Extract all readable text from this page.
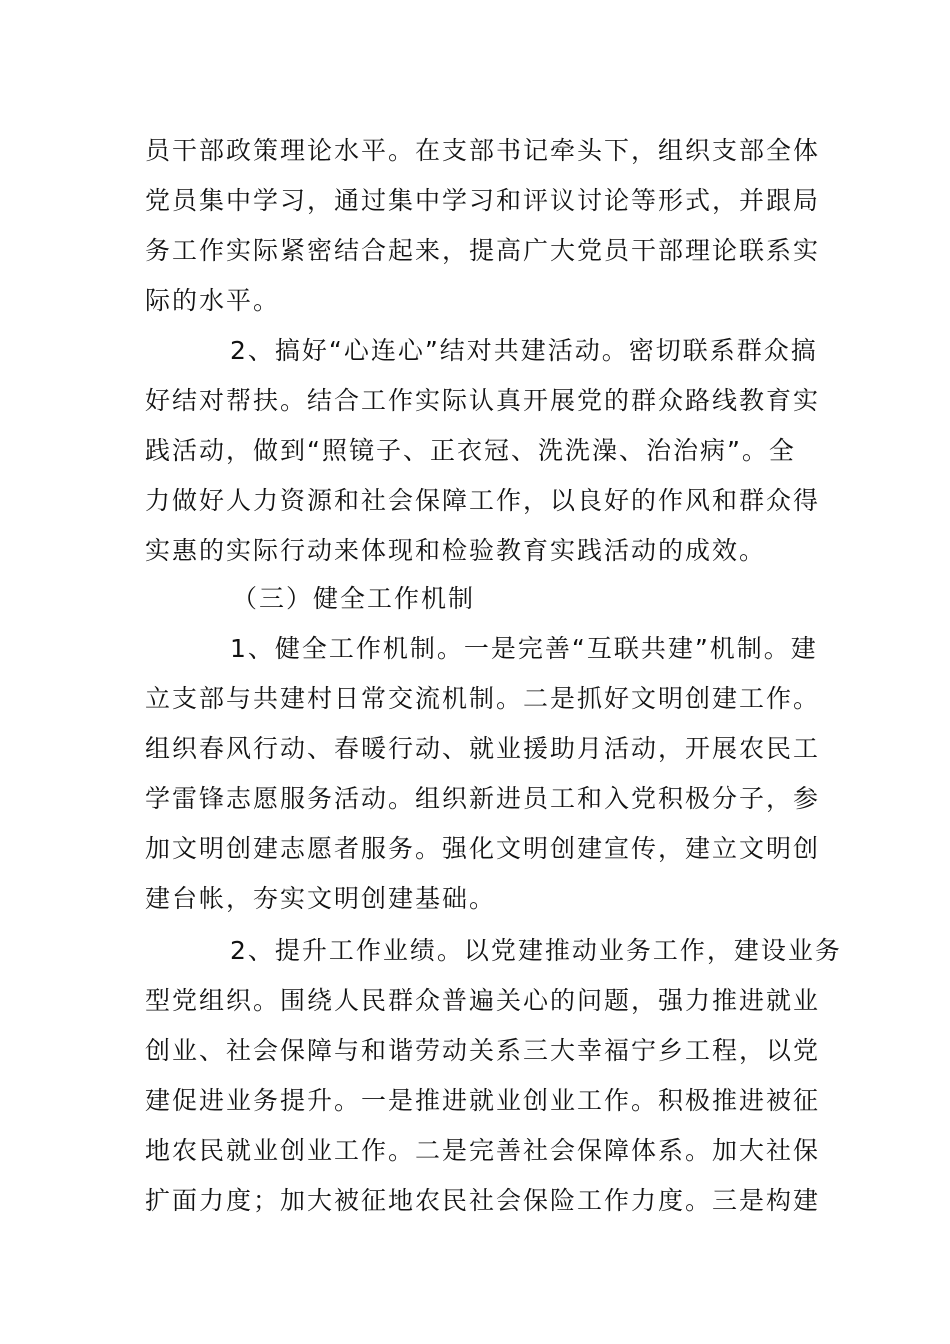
员干部政策理论水平。在支部书记牵头下，组织支部全体
党员集中学习，通过集中学习和评议讨论等形式，并跟局
务工作实际紧密结合起来，提高广大党员干部理论联系实
际的水平。
2、搞好“心连心”结对共建活动。密切联系群众搞
好结对帮扶。结合工作实际认真开展党的群众路线教育实
践活动，做到“照镜子、正衣冠、洗洗澡、治治病”。全
力做好人力资源和社会保障工作，以良好的作风和群众得
实惠的实际行动来体现和检验教育实践活动的成效。
（三）健全工作机制
1、健全工作机制。一是完善“互联共建”机制。建
立支部与共建村日常交流机制。二是抓好文明创建工作。
组织春风行动、春暖行动、就业援助月活动，开展农民工
学雷锋志愿服务活动。组织新进员工和入党积极分子，参
加文明创建志愿者服务。强化文明创建宣传，建立文明创
建台帐，夯实文明创建基础。
2、提升工作业绩。以党建推动业务工作，建设业务
型党组织。围绕人民群众普遍关心的问题，强力推进就业
创业、社会保障与和谐劳动关系三大幸福宁乡工程，以党
建促进业务提升。一是推进就业创业工作。积极推进被征
地农民就业创业工作。二是完善社会保障体系。加大社保
扩面力度；加大被征地农民社会保险工作力度。三是构建
